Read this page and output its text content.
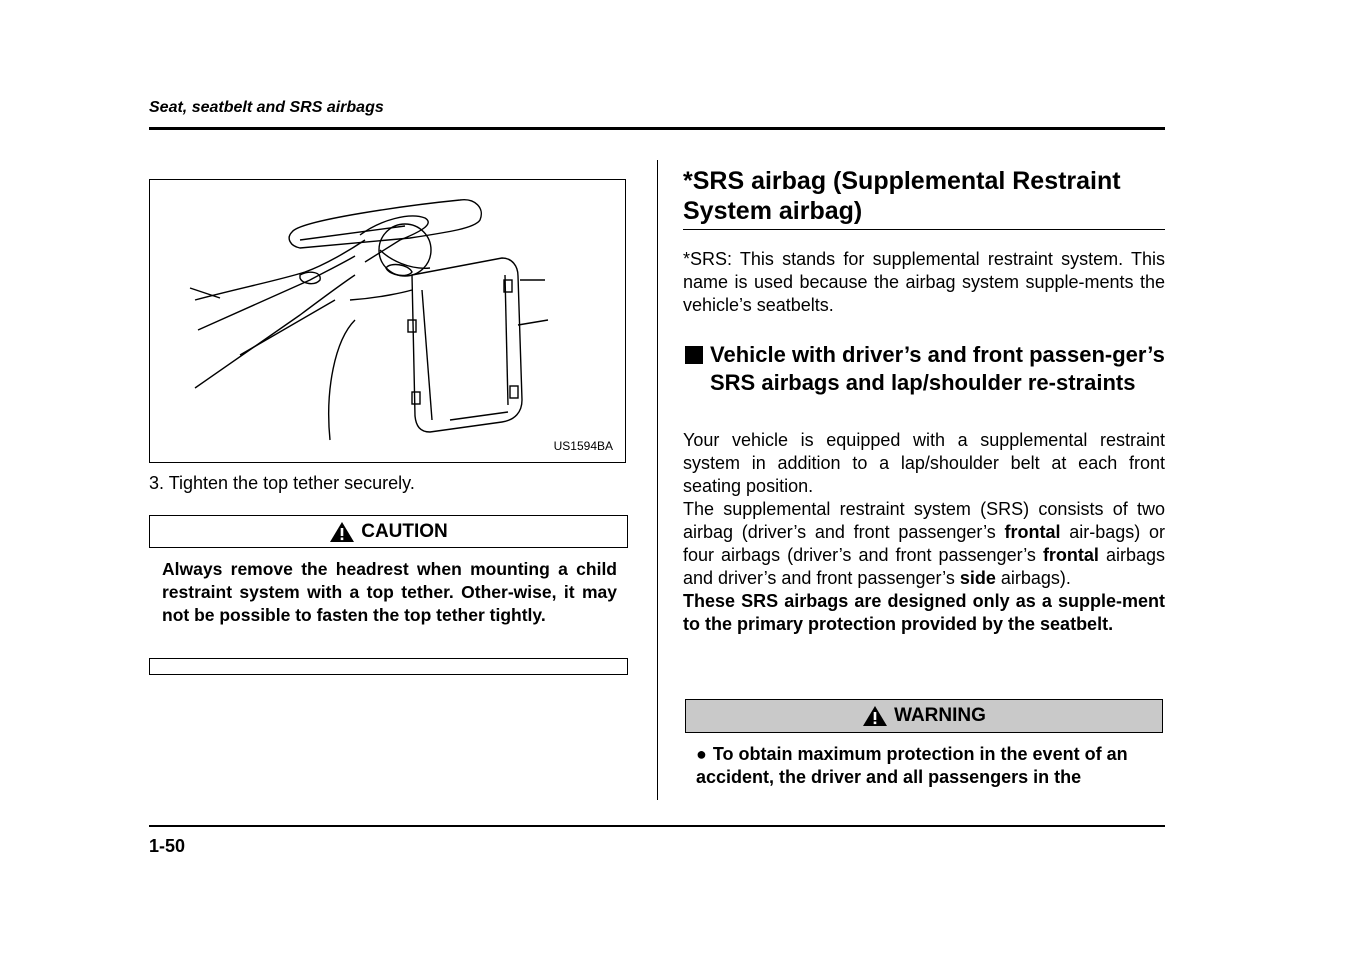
Seat, seatbelt and SRS airbags
US1594BA
3. Tighten the top tether securely.
CAUTION
Always remove the headrest when mounting a child restraint system with a top tether. Other-wise, it may not be possible to fasten the top tether tightly.
*SRS airbag (Supplemental Restraint System airbag)
*SRS: This stands for supplemental restraint system. This name is used because the airbag system supple-ments the vehicle’s seatbelts.
Vehicle with driver’s and front passen-ger’s SRS airbags and lap/shoulder re-straints

Your vehicle is equipped with a supplemental restraint system in addition to a lap/shoulder belt at each front seating position.

The supplemental restraint system (SRS) consists of two airbag (driver’s and front passenger’s frontal air-bags) or four airbags (driver’s and front passenger’s frontal airbags and driver’s and front passenger’s side airbags).

These SRS airbags are designed only as a supple-ment to the primary protection provided by the seatbelt.

WARNING
● To obtain maximum protection in the event of an accident, the driver and all passengers in the
1-50
